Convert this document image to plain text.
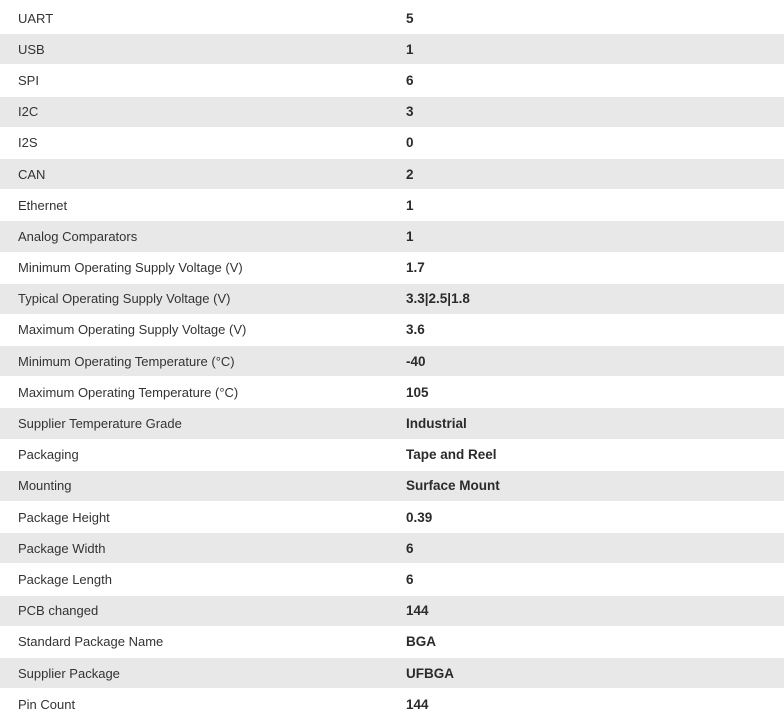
UART	5
USB	1
SPI	6
I2C	3
I2S	0
CAN	2
Ethernet	1
Analog Comparators	1
Minimum Operating Supply Voltage (V)	1.7
Typical Operating Supply Voltage (V)	3.3|2.5|1.8
Maximum Operating Supply Voltage (V)	3.6
Minimum Operating Temperature (°C)	-40
Maximum Operating Temperature (°C)	105
Supplier Temperature Grade	Industrial
Packaging	Tape and Reel
Mounting	Surface Mount
Package Height	0.39
Package Width	6
Package Length	6
PCB changed	144
Standard Package Name	BGA
Supplier Package	UFBGA
Pin Count	144
